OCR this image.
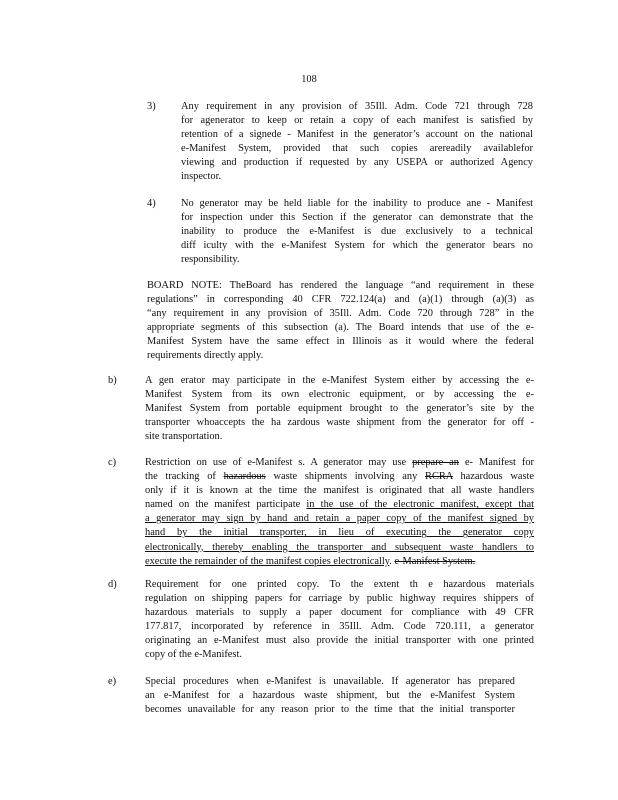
108
3) Any requirement in any provision of 35Ill. Adm. Code 721 through 728
for agenerator to keep or retain a copy of each manifest is satisfied by
retention of a signede - Manifest in the generator’s account on the national
e-Manifest System, provided that such copies arereadily availablefor
viewing and production if requested by any USEPA or authorized Agency
inspector.
4) No generator may be held liable for the inability to produce ane - Manifest
for inspection under this Section if the generator can demonstrate that the
inability to produce the e-Manifest is due exclusively to a technical
diff iculty with the e-Manifest System for which the generator bears no
responsibility.
BOARD NOTE: TheBoard has rendered the language “and requirement in these
regulations” in corresponding 40 CFR 722.124(a) and (a)(1) through (a)(3) as
“any requirement in any provision of 35Ill. Adm. Code 720 through 728” in the
appropriate segments of this subsection (a). The Board intends that use of the e-
Manifest System have the same effect in Illinois as it would where the federal
requirements directly apply.
b)	A gen erator may participate in the e-Manifest System either by accessing the e-
Manifest System from its own electronic equipment, or by accessing the e-
Manifest System from portable equipment brought to the generator’s site by the
transporter whoaccepts the ha zardous waste shipment from the generator for off -
site transportation.
c)	Restriction on use of e-Manifest s. A generator may use prepare an e- Manifest for
the tracking of hazardous waste shipments involving any RCRA hazardous waste
only if it is known at the time the manifest is originated that all waste handlers
named on the manifest participate in the use of the electronic manifest, except that
a generator may sign by hand and retain a paper copy of the manifest signed by
hand by the initial transporter, in lieu of executing the generator copy
electronically, thereby enabling the transporter and subsequent waste handlers to
execute the remainder of the manifest copies electronically. e-Manifest System.
d)	Requirement for one printed copy. To the extent th e hazardous materials
regulation on shipping papers for carriage by public highway requires shippers of
hazardous materials to supply a paper document for compliance with 49 CFR
177.817, incorporated by reference in 35Ill. Adm. Code 720.111, a generator
originating an e-Manifest must also provide the initial transporter with one printed
copy of the e-Manifest.
e)	Special procedures when e-Manifest is unavailable. If agenerator has prepared
an e-Manifest for a hazardous waste shipment, but the e-Manifest System
becomes unavailable for any reason prior to the time that the initial transporter
